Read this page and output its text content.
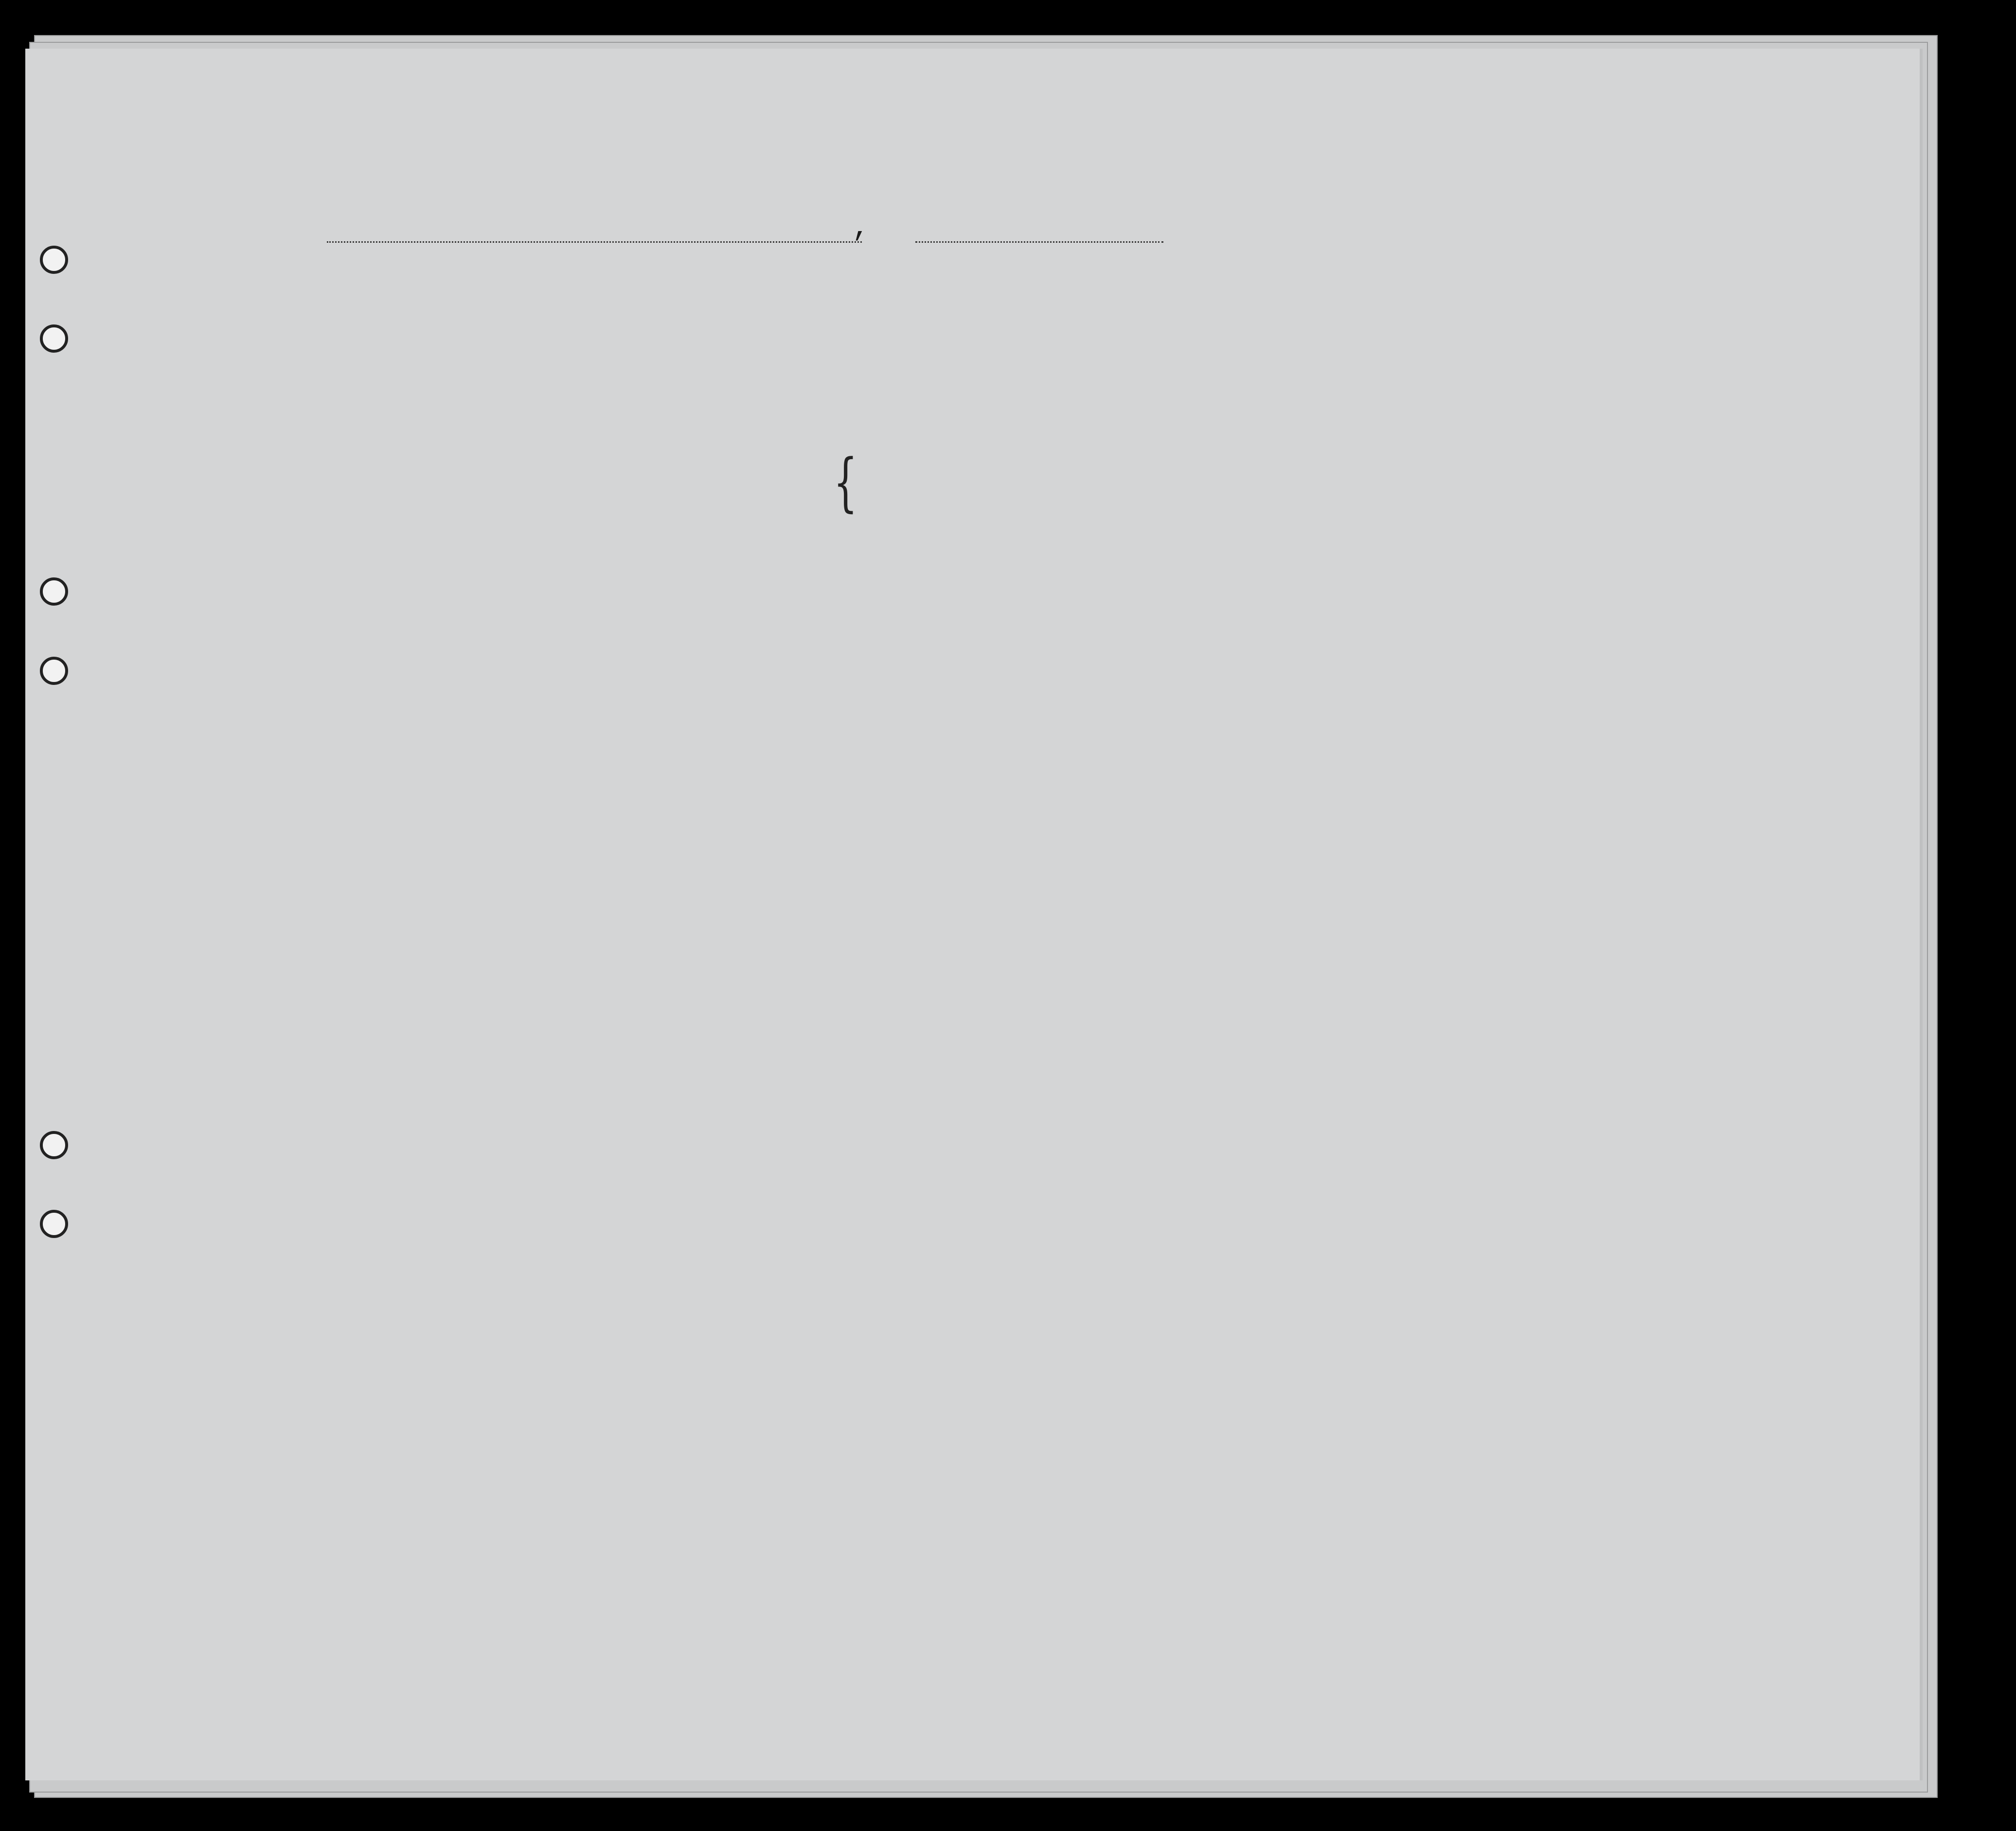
,
{
